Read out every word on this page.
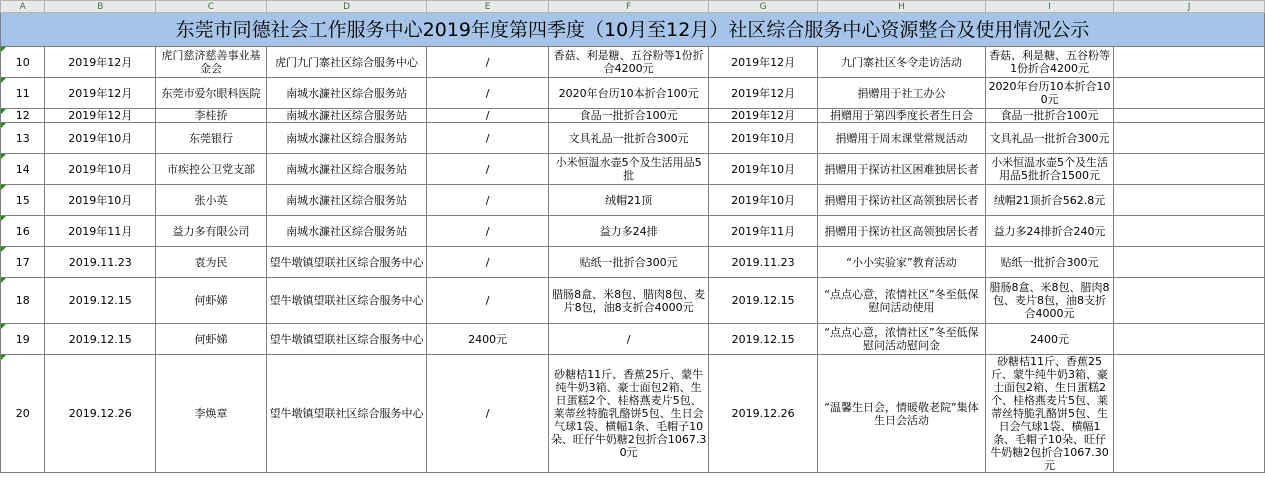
A	B	C	D	E	F	G	H	I	J
东莞市同德社会工作服务中心2019年度第四季度（10月至12月）社区综合服务中心资源整合及使用情况公示									
10	2019年12月	虎门慈济慈善事业基金会	虎门九门寨社区综合服务中心	/	香菇、利是糖、五谷粉等1份折合4200元	2019年12月	九门寨社区冬令走访活动	香菇、利是糖、五谷粉等1份折合4200元	
11	2019年12月	东莞市爱尔眼科医院	南城水濂社区综合服务站	/	2020年台历10本折合100元	2019年12月	捐赠用于社工办公	2020年台历10本折合100元	
12	2019年12月	李桂挢	南城水濂社区综合服务站	/	食品一批折合100元	2019年12月	捐赠用于第四季度长者生日会	食品一批折合100元	
13	2019年10月	东莞银行	南城水濂社区综合服务站	/	文具礼品一批折合300元	2019年10月	捐赠用于周末课堂常规活动	文具礼品一批折合300元	
14	2019年10月	市疾控公卫党支部	南城水濂社区综合服务站	/	小米恒温水壶5个及生活用品5批	2019年10月	捐赠用于探访社区困难独居长者	小米恒温水壶5个及生活用品5批折合1500元	
15	2019年10月	张小英	南城水濂社区综合服务站	/	绒帽21顶	2019年10月	捐赠用于探访社区高领独居长者	绒帽21顶折合562.8元	
16	2019年11月	益力多有限公司	南城水濂社区综合服务站	/	益力多24排	2019年11月	捐赠用于探访社区高领独居长者	益力多24排折合240元	
17	2019.11.23	袁为民	望牛墩镇望联社区综合服务中心	/	贴纸一批折合300元	2019.11.23	“小小实验家”教育活动	贴纸一批折合300元	
18	2019.12.15	何虾娣	望牛墩镇望联社区综合服务中心	/	腊肠8盒、米8包、腊肉8包、麦片8包，油8支折合4000元	2019.12.15	“点点心意，浓情社区”冬至低保慰问活动使用	腊肠8盒、米8包、腊肉8包、麦片8包，油8支折合4000元	
19	2019.12.15	何虾娣	望牛墩镇望联社区综合服务中心	2400元	/	2019.12.15	“点点心意，浓情社区”冬至低保慰问活动慰问金	2400元	
20	2019.12.26	李焕章	望牛墩镇望联社区综合服务中心	/	砂糖桔11斤、香蕉25斤、蒙牛纯牛奶3箱、豪士面包2箱、生日蛋糕2个、桂格燕麦片5包、莱蒂丝特脆乳酪饼5包、生日会气球1袋、横幅1条、毛帽子10朵、旺仔牛奶糖2包折合1067.30元	2019.12.26	“温馨生日会，情暖敬老院”集体生日会活动	砂糖桔11斤、香蕉25斤、蒙牛纯牛奶3箱、豪士面包2箱、生日蛋糕2个、桂格燕麦片5包、莱蒂丝特脆乳酪饼5包、生日会气球1袋、横幅1条、毛帽子10朵、旺仔牛奶糖2包折合1067.30元	
